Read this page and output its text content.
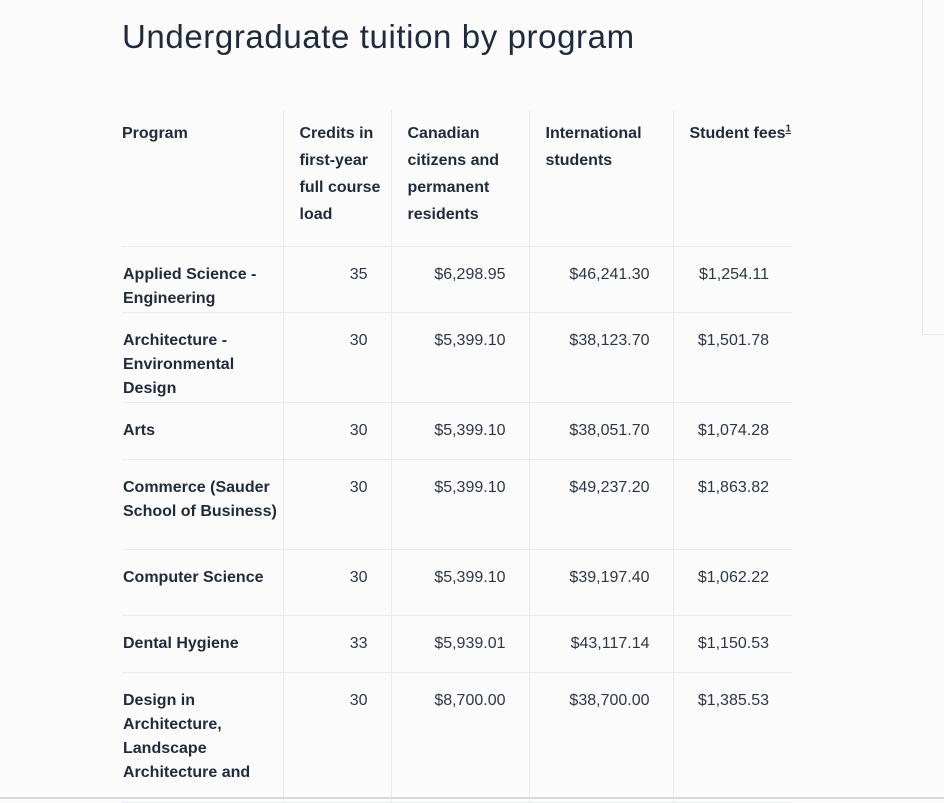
Undergraduate tuition by program
Program	Credits in first-year full course load	Canadian citizens and permanent residents	International students	Student fees$^1$
Applied Science - Engineering	35	$6,298.95	$46,241.30	$1,254.11
Architecture - Environmental Design	30	$5,399.10	$38,123.70	$1,501.78
Arts	30	$5,399.10	$38,051.70	$1,074.28
Commerce (Sauder School of Business)	30	$5,399.10	$49,237.20	$1,863.82
Computer Science	30	$5,399.10	$39,197.40	$1,062.22
Dental Hygiene	33	$5,939.01	$43,117.14	$1,150.53
Design in Architecture, Landscape Architecture and	30	$8,700.00	$38,700.00	$1,385.53
